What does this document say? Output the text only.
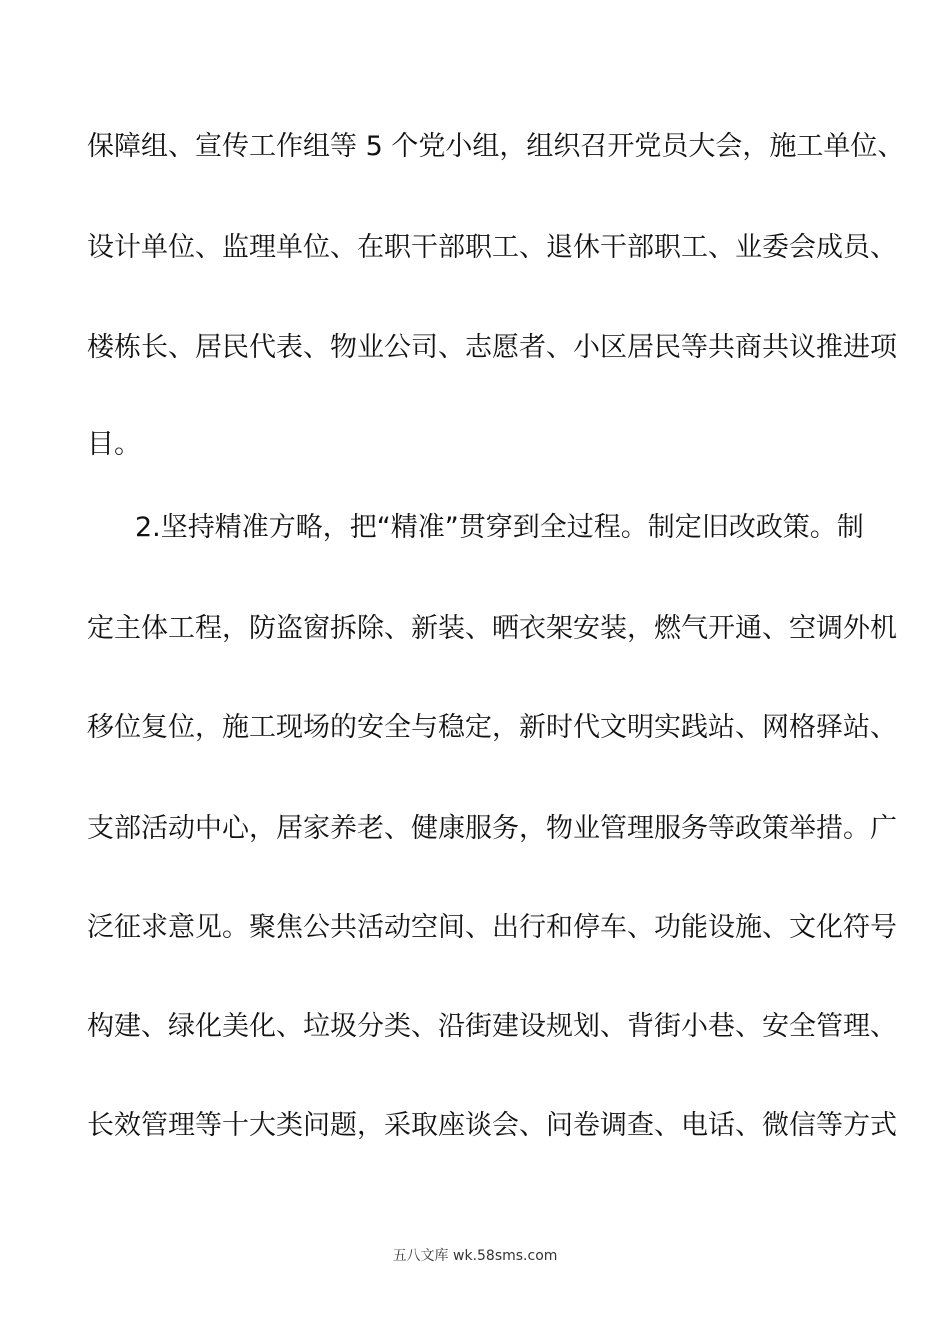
保障组、宣传工作组等 5 个党小组，组织召开党员大会，施工单位、
设计单位、监理单位、在职干部职工、退休干部职工、业委会成员、
楼栋长、居民代表、物业公司、志愿者、小区居民等共商共议推进项
目。
2.坚持精准方略，把“精准”贯穿到全过程。制定旧改政策。制
定主体工程，防盗窗拆除、新装、晒衣架安装，燃气开通、空调外机
移位复位，施工现场的安全与稳定，新时代文明实践站、网格驿站、
支部活动中心，居家养老、健康服务，物业管理服务等政策举措。广
泛征求意见。聚焦公共活动空间、出行和停车、功能设施、文化符号
构建、绿化美化、垃圾分类、沿街建设规划、背街小巷、安全管理、
长效管理等十大类问题，采取座谈会、问卷调查、电话、微信等方式
五八文库 wk.58sms.com
